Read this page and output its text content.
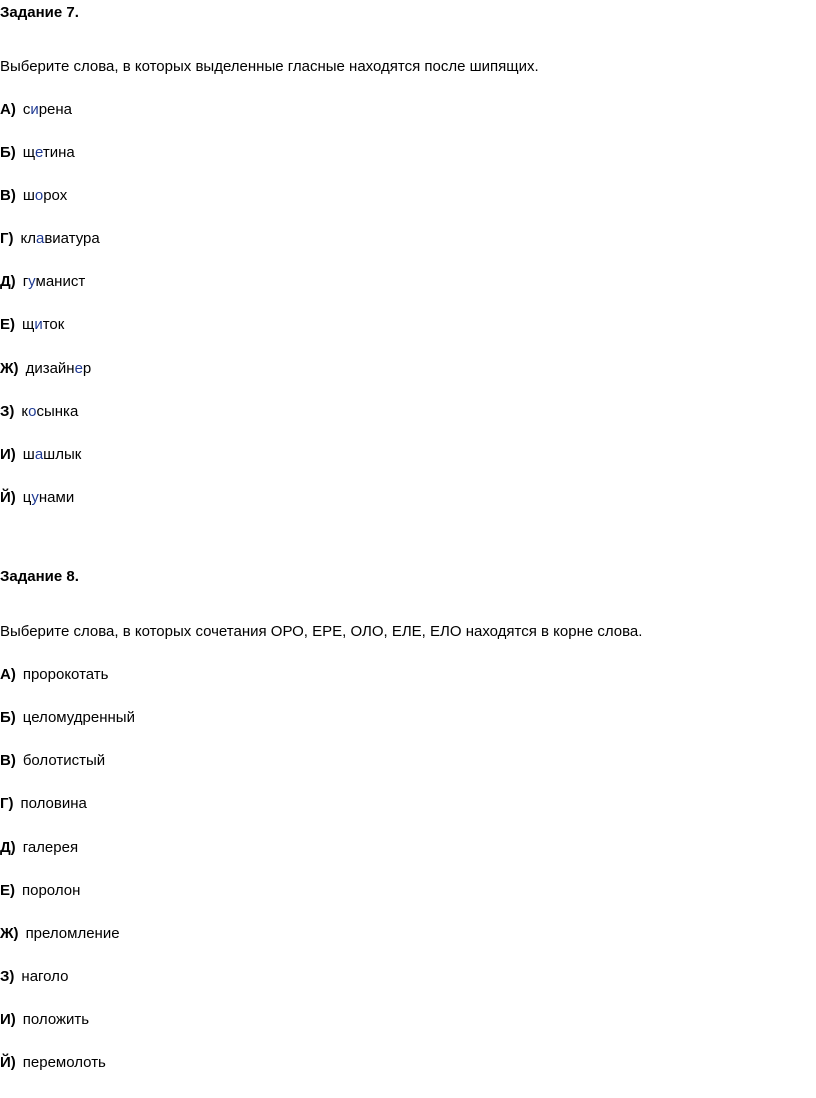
Задание 7.
Выберите слова, в которых выделенные гласные находятся после шипящих.
А) сирена
Б) щетина
В) шорох
Г) клавиатура
Д) гуманист
Е) щиток
Ж) дизайнер
З) косынка
И) шашлык
Й) цунами
Задание 8.
Выберите слова, в которых сочетания ОРО, ЕРЕ, ОЛО, ЕЛЕ, ЕЛО находятся в корне слова.
А) пророкотать
Б) целомудренный
В) болотистый
Г) половина
Д) галерея
Е) поролон
Ж) преломление
З) наголо
И) положить
Й) перемолоть
